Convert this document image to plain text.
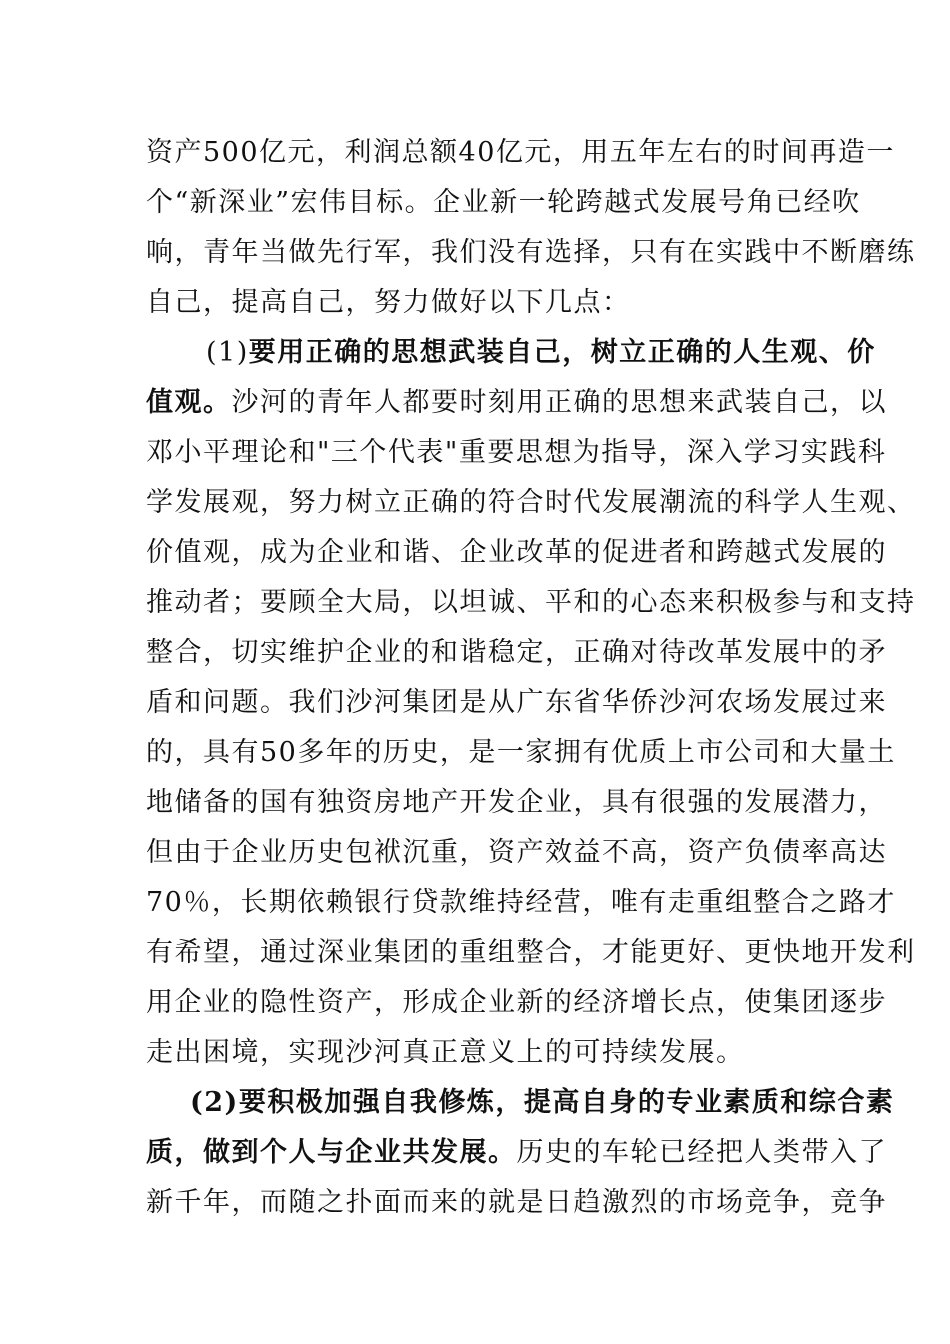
资产500亿元，利润总额40亿元，用五年左右的时间再造一
个“新深业”宏伟目标。企业新一轮跨越式发展号角已经吹
响，青年当做先行军，我们没有选择，只有在实践中不断磨练
自己，提高自己，努力做好以下几点：
(1)要用正确的思想武装自己，树立正确的人生观、价
值观。沙河的青年人都要时刻用正确的思想来武装自己，以
邓小平理论和"三个代表"重要思想为指导，深入学习实践科
学发展观，努力树立正确的符合时代发展潮流的科学人生观、
价值观，成为企业和谐、企业改革的促进者和跨越式发展的
推动者；要顾全大局，以坦诚、平和的心态来积极参与和支持
整合，切实维护企业的和谐稳定，正确对待改革发展中的矛
盾和问题。我们沙河集团是从广东省华侨沙河农场发展过来
的，具有50多年的历史，是一家拥有优质上市公司和大量土
地储备的国有独资房地产开发企业，具有很强的发展潜力，
但由于企业历史包袱沉重，资产效益不高，资产负债率高达
70％，长期依赖银行贷款维持经营，唯有走重组整合之路才
有希望，通过深业集团的重组整合，才能更好、更快地开发利
用企业的隐性资产，形成企业新的经济增长点，使集团逐步
走出困境，实现沙河真正意义上的可持续发展。
(2)要积极加强自我修炼，提高自身的专业素质和综合素
质，做到个人与企业共发展。历史的车轮已经把人类带入了
新千年，而随之扑面而来的就是日趋激烈的市场竞争，竞争
